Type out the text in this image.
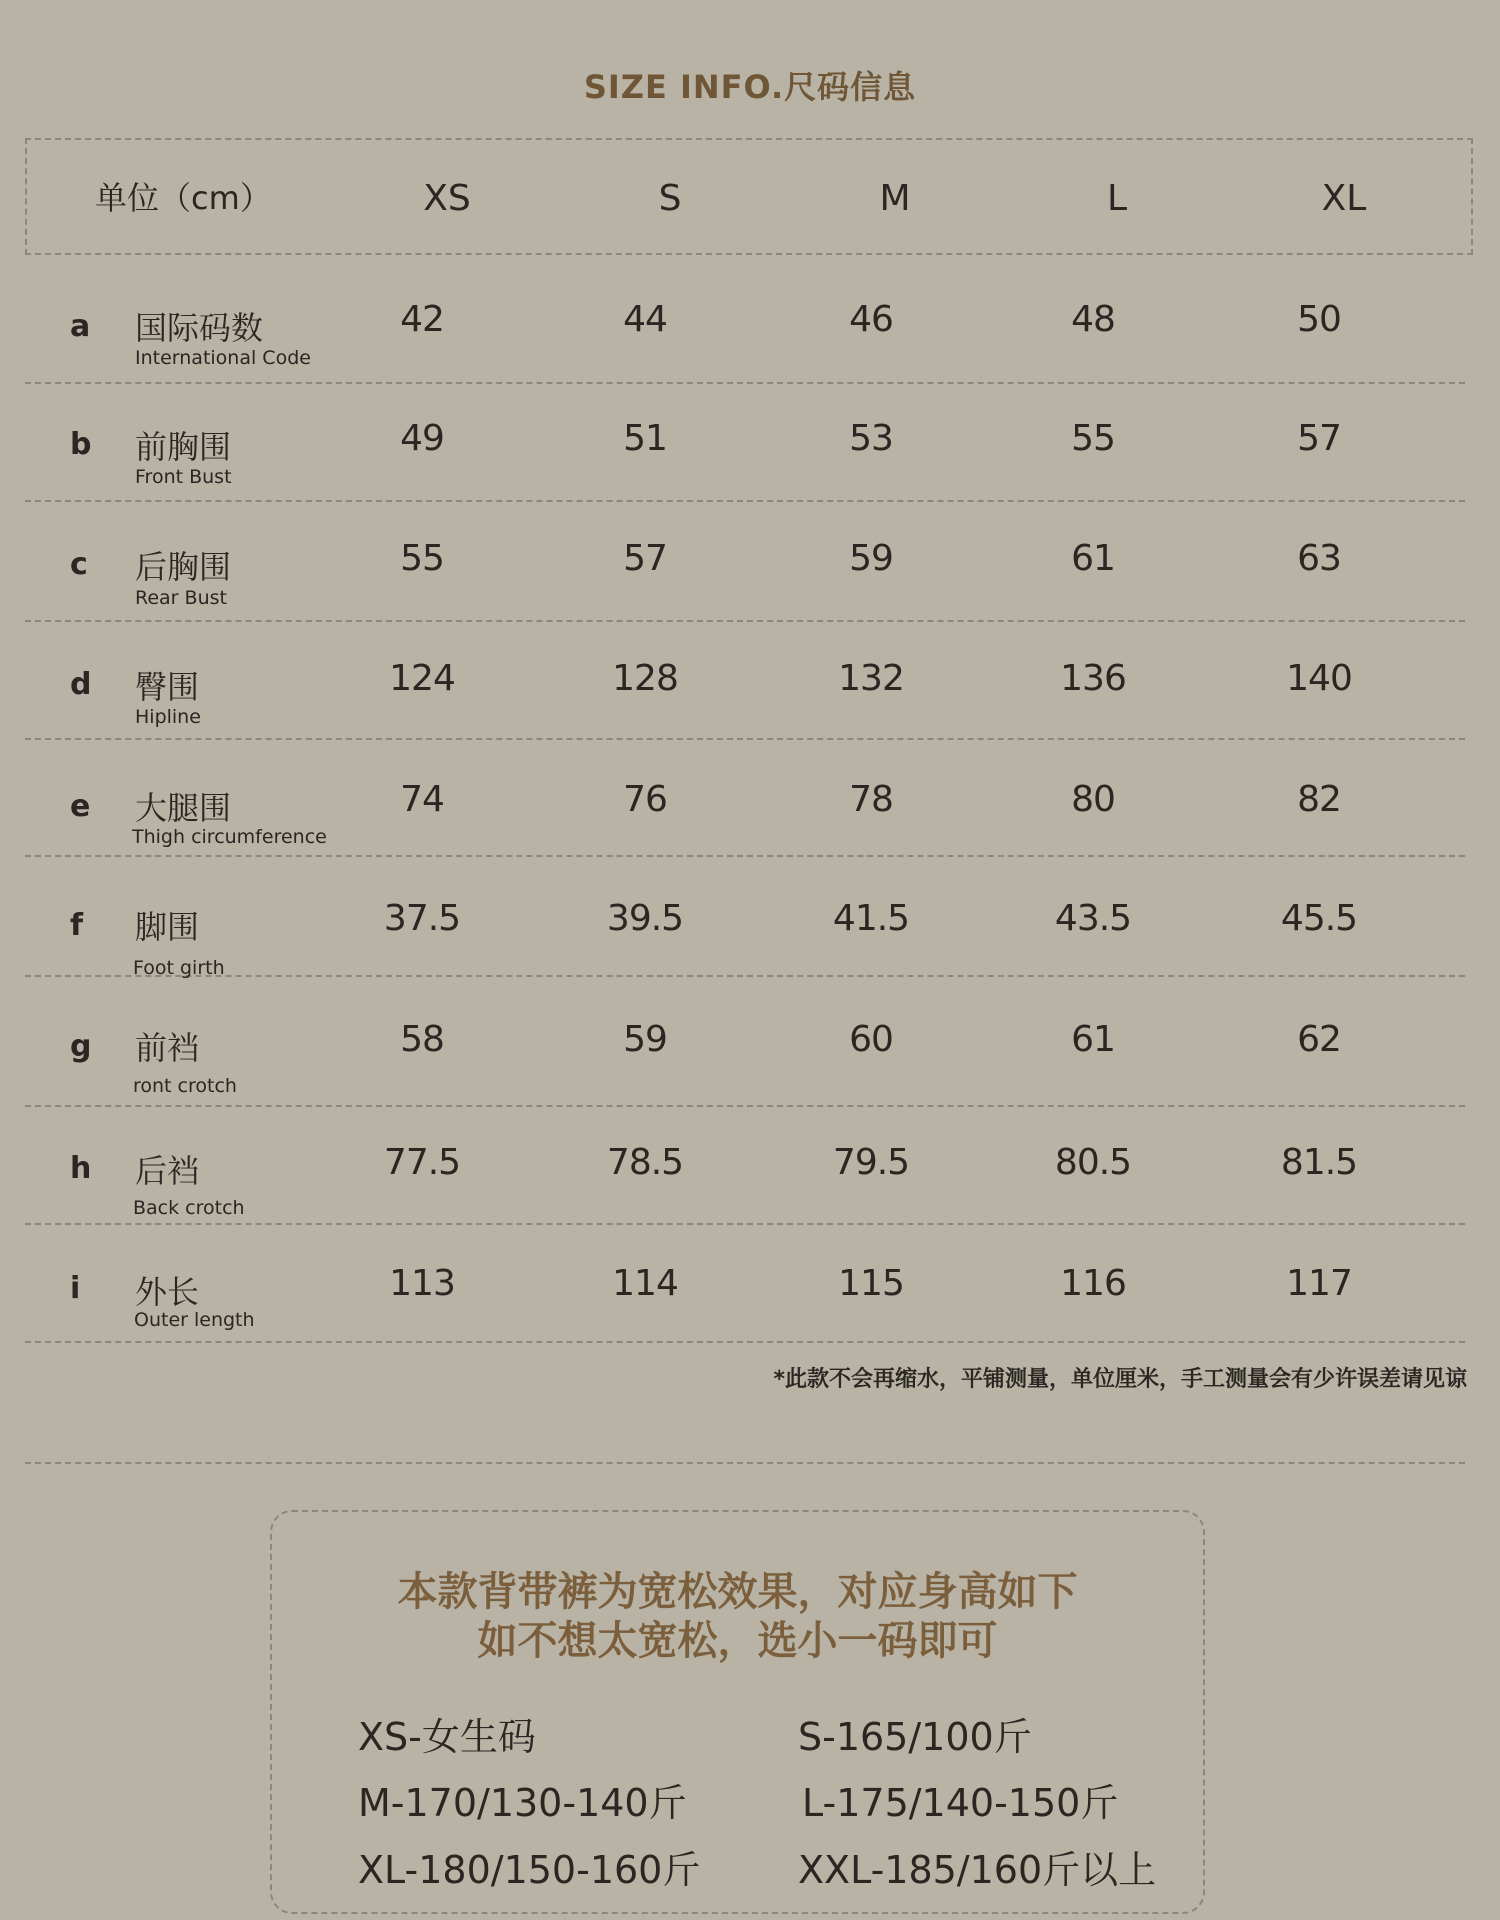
SIZE INFO.尺码信息
单位（cm）	XS	S	M	L	XL
a 国际码数
International Code
42	44	46	48	50
b 前胸围
Front Bust
49	51	53	55	57
c 后胸围
Rear Bust
55	57	59	61	63
d 臀围
Hipline
124	128	132	136	140
e 大腿围
Thigh circumference
74	76	78	80	82
f 脚围
Foot girth
37.5	39.5	41.5	43.5	45.5
g 前裆
ront crotch
58	59	60	61	62
h 后裆
Back crotch
77.5	78.5	79.5	80.5	81.5
i 外长
Outer length
113	114	115	116	117
*此款不会再缩水，平铺测量，单位厘米，手工测量会有少许误差请见谅
本款背带裤为宽松效果，对应身高如下
如不想太宽松，选小一码即可
XS-女生码	S-165/100斤
M-170/130-140斤	L-175/140-150斤
XL-180/150-160斤	XXL-185/160斤以上
